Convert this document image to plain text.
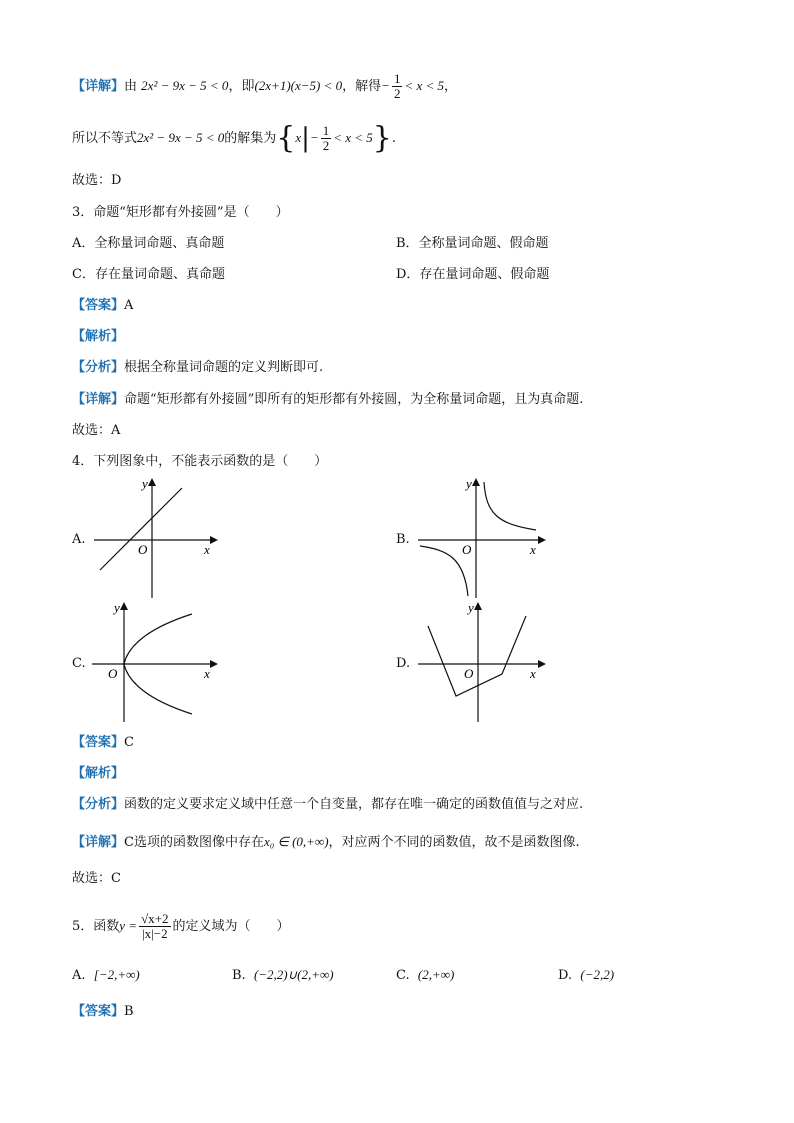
【详解】由 2x² − 9x − 5 < 0，即(2x+1)(x−5) < 0，解得− $\frac{1}{2} < x < 5$，
所以不等式2x² − 9x − 5 < 0的解集为$\{x|- \frac{1}{2} < x < 5\}$.
故选：D
3．命题“矩形都有外接圆”是（　　）
A．全称量词命题、真命题	B．全称量词命题、假命题
C．存在量词命题、真命题	D．存在量词命题、假命题
【答案】A
【解析】
【分析】根据全称量词命题的定义判断即可.
【详解】命题“矩形都有外接圆”即所有的矩形都有外接圆，为全称量词命题，且为真命题.
故选：A
4．下列图象中，不能表示函数的是（　　）
A.
x
y
O
B.
x
y
O
C.
x
y
O
D.
x
y
O
【答案】C
【解析】
【分析】函数的定义要求定义域中任意一个自变量，都存在唯一确定的函数值值与之对应.
【详解】C选项的函数图像中存在x₀ ∈ (0,+∞)，对应两个不同的函数值，故不是函数图像.
故选：C
5．函数$y = \frac{√x+2}{|x|-2}$ 的定义域为（　　）
A. [−2,+∞)	B. (−2,2)∪(2,+∞)	C. (2,+∞)	D. (−2,2)
【答案】B
